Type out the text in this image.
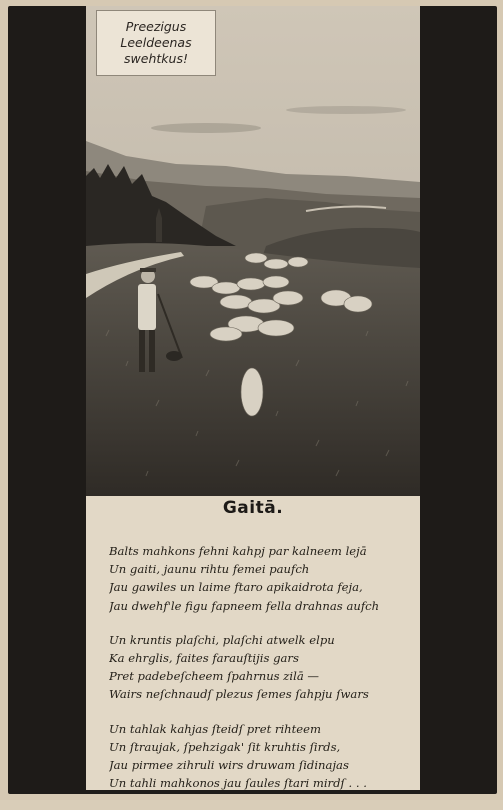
Preezigus
Leeldeenas
swehtkus!
Gaitā.
Balts mahkons fehni kahpj par kalneem lejā
Un gaiti, jaunu rihtu femei paufch
Jau gawiles un laime ftaro apikaidrota feja,
Jau dwehf'le figu fapneem fella drahnas aufch
Un kruntis plaſchi, plaſchi atwelk elpu
Ka ehrglis, faites farauſtijis gars
Pret padebeſcheem ſpahrnus zilā —
Wairs neſchnaudſ plezus ſemes ſahpju ſwars
Un tahlak kahjas ſteidſ pret rihteem
Un ſtraujak, ſpehzigak' ſit kruhtis ſirds,
Jau pirmee zihruli wirs druwam ſidinajas
Un tahli mahkonos jau ſaules ſtari mirdſ . . .
